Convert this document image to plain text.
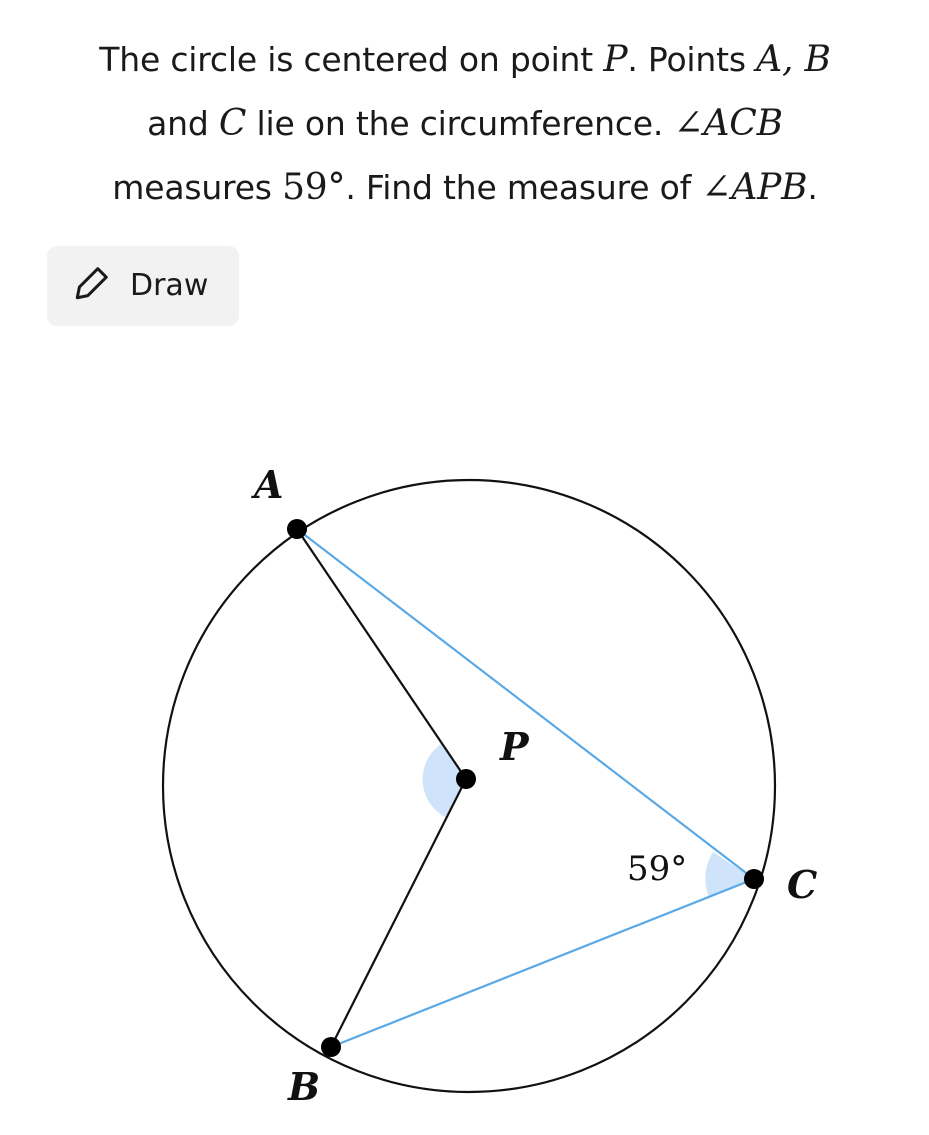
The circle is centered on point P. Points A, B
and C lie on the circumference. ∠ACB
measures 59°. Find the measure of ∠APB.
Draw
A
B
C
P
59°
